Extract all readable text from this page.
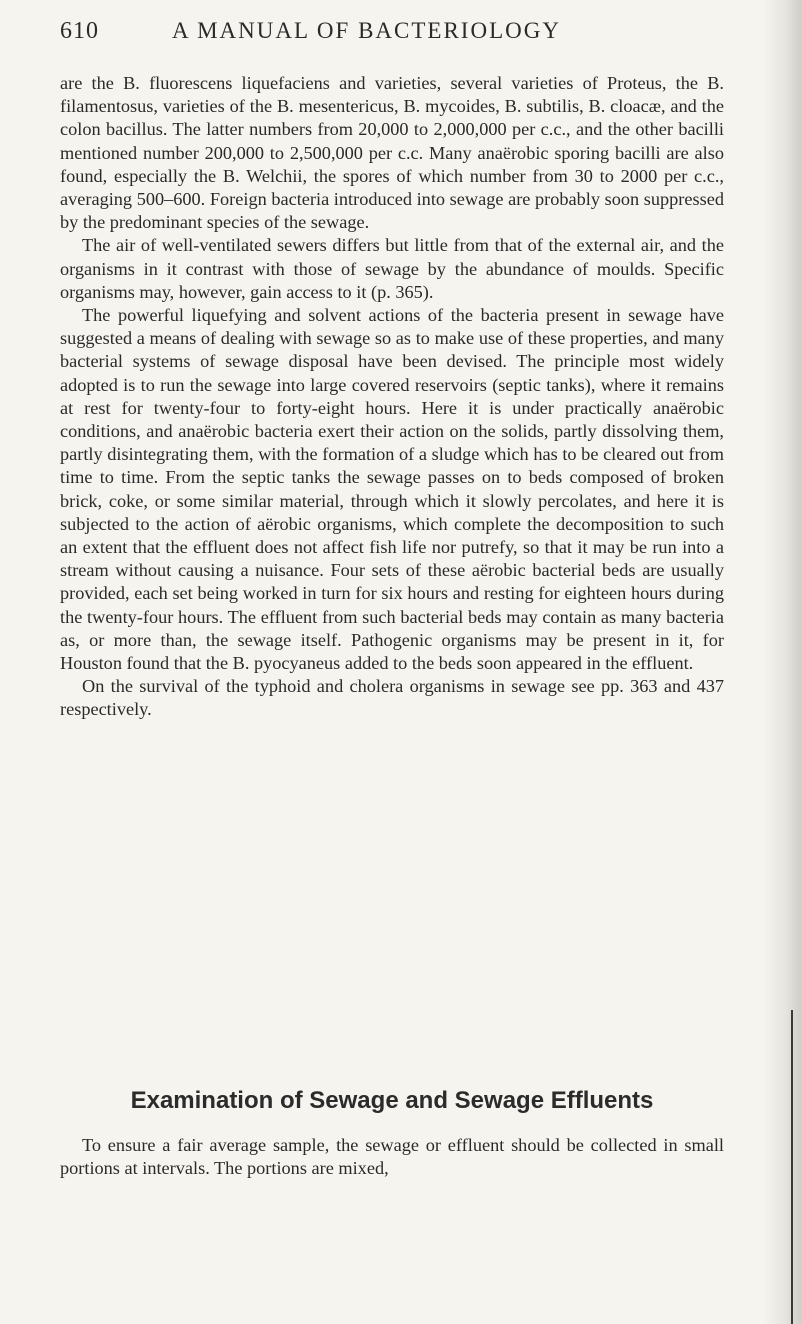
610	A MANUAL OF BACTERIOLOGY

are the B. fluorescens liquefaciens and varieties, several varieties of Proteus, the B. filamentosus, varieties of the B. mesentericus, B. mycoides, B. subtilis, B. cloacæ, and the colon bacillus. The latter numbers from 20,000 to 2,000,000 per c.c., and the other bacilli mentioned number 200,000 to 2,500,000 per c.c. Many anaërobic sporing bacilli are also found, especially the B. Welchii, the spores of which number from 30 to 2000 per c.c., averaging 500–600. Foreign bacteria introduced into sewage are probably soon suppressed by the predominant species of the sewage.

The air of well-ventilated sewers differs but little from that of the external air, and the organisms in it contrast with those of sewage by the abundance of moulds. Specific organisms may, however, gain access to it (p. 365).

The powerful liquefying and solvent actions of the bacteria present in sewage have suggested a means of dealing with sewage so as to make use of these properties, and many bacterial systems of sewage disposal have been devised. The principle most widely adopted is to run the sewage into large covered reservoirs (septic tanks), where it remains at rest for twenty-four to forty-eight hours. Here it is under practically anaërobic conditions, and anaërobic bacteria exert their action on the solids, partly dissolving them, partly disintegrating them, with the formation of a sludge which has to be cleared out from time to time. From the septic tanks the sewage passes on to beds composed of broken brick, coke, or some similar material, through which it slowly percolates, and here it is subjected to the action of aërobic organisms, which complete the decomposition to such an extent that the effluent does not affect fish life nor putrefy, so that it may be run into a stream without causing a nuisance. Four sets of these aërobic bacterial beds are usually provided, each set being worked in turn for six hours and resting for eighteen hours during the twenty-four hours. The effluent from such bacterial beds may contain as many bacteria as, or more than, the sewage itself. Pathogenic organisms may be present in it, for Houston found that the B. pyocyaneus added to the beds soon appeared in the effluent.

On the survival of the typhoid and cholera organisms in sewage see pp. 363 and 437 respectively.

Examination of Sewage and Sewage Effluents

To ensure a fair average sample, the sewage or effluent should be collected in small portions at intervals. The portions are mixed,
